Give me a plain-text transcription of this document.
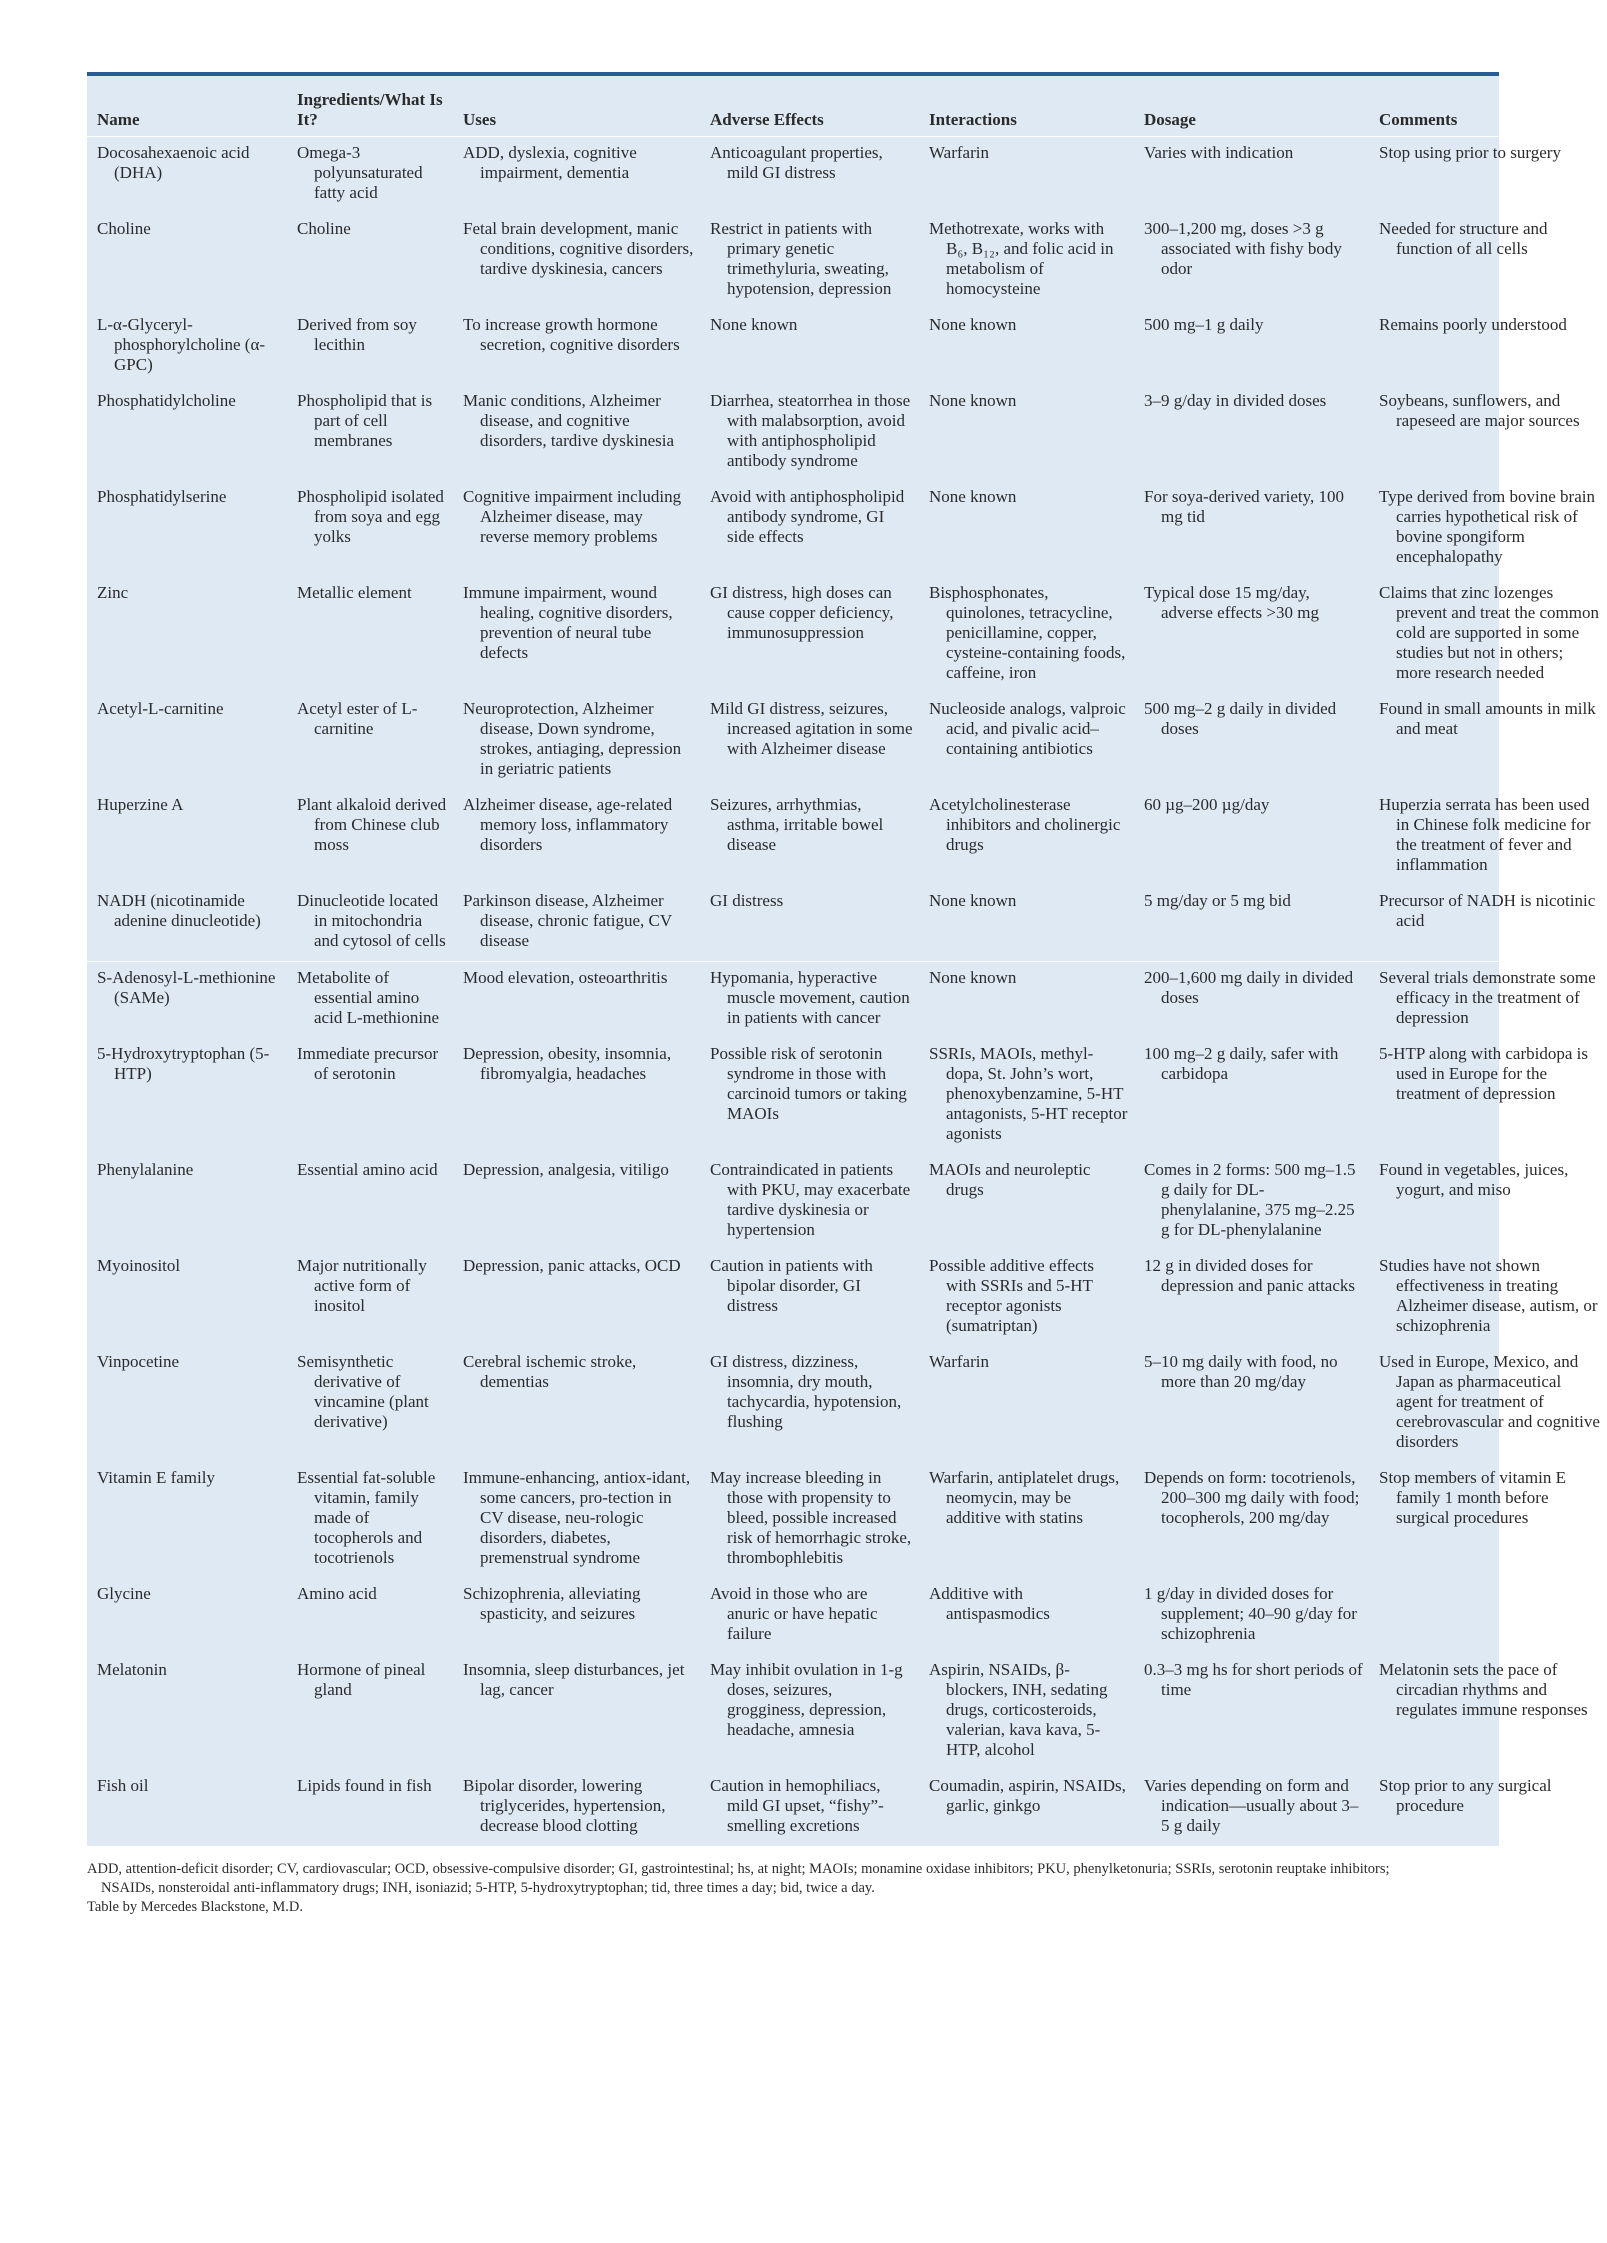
Name	Ingredients/What Is It?	Uses	Adverse Effects	Interactions	Dosage	Comments

Docosahexaenoic acid (DHA)	Omega-3 polyunsaturated fatty acid	ADD, dyslexia, cognitive impairment, dementia	Anticoagulant properties, mild GI distress	Warfarin	Varies with indication	Stop using prior to surgery

Choline	Choline	Fetal brain development, manic conditions, cognitive disorders, tardive dyskinesia, cancers	Restrict in patients with primary genetic trimethyluria, sweating, hypotension, depression	Methotrexate, works with B₆, B₁₂, and folic acid in metabolism of homocysteine	300–1,200 mg, doses >3 g associated with fishy body odor	Needed for structure and function of all cells

L-α-Glyceryl-phosphorylcholine (α-GPC)	Derived from soy lecithin	To increase growth hormone secretion, cognitive disorders	None known	None known	500 mg–1 g daily	Remains poorly understood

Phosphatidylcholine	Phospholipid that is part of cell membranes	Manic conditions, Alzheimer disease, and cognitive disorders, tardive dyskinesia	Diarrhea, steatorrhea in those with malabsorption, avoid with antiphospholipid antibody syndrome	None known	3–9 g/day in divided doses	Soybeans, sunflowers, and rapeseed are major sources

Phosphatidylserine	Phospholipid isolated from soya and egg yolks	Cognitive impairment including Alzheimer disease, may reverse memory problems	Avoid with antiphospholipid antibody syndrome, GI side effects	None known	For soya-derived variety, 100 mg tid	Type derived from bovine brain carries hypothetical risk of bovine spongiform encephalopathy

Zinc	Metallic element	Immune impairment, wound healing, cognitive disorders, prevention of neural tube defects	GI distress, high doses can cause copper deficiency, immunosuppression	Bisphosphonates, quinolones, tetracycline, penicillamine, copper, cysteine-containing foods, caffeine, iron	Typical dose 15 mg/day, adverse effects >30 mg	Claims that zinc lozenges prevent and treat the common cold are supported in some studies but not in others; more research needed

Acetyl-L-carnitine	Acetyl ester of L-carnitine	Neuroprotection, Alzheimer disease, Down syndrome, strokes, antiaging, depression in geriatric patients	Mild GI distress, seizures, increased agitation in some with Alzheimer disease	Nucleoside analogs, valproic acid, and pivalic acid–containing antibiotics	500 mg–2 g daily in divided doses	Found in small amounts in milk and meat

Huperzine A	Plant alkaloid derived from Chinese club moss	Alzheimer disease, age-related memory loss, inflammatory disorders	Seizures, arrhythmias, asthma, irritable bowel disease	Acetylcholinesterase inhibitors and cholinergic drugs	60 µg–200 µg/day	Huperzia serrata has been used in Chinese folk medicine for the treatment of fever and inflammation

NADH (nicotinamide adenine dinucleotide)	Dinucleotide located in mitochondria and cytosol of cells	Parkinson disease, Alzheimer disease, chronic fatigue, CV disease	GI distress	None known	5 mg/day or 5 mg bid	Precursor of NADH is nicotinic acid

S-Adenosyl-L-methionine (SAMe)	Metabolite of essential amino acid L-methionine	Mood elevation, osteoarthritis	Hypomania, hyperactive muscle movement, caution in patients with cancer	None known	200–1,600 mg daily in divided doses	Several trials demonstrate some efficacy in the treatment of depression

5-Hydroxytryptophan (5-HTP)	Immediate precursor of serotonin	Depression, obesity, insomnia, fibromyalgia, headaches	Possible risk of serotonin syndrome in those with carcinoid tumors or taking MAOIs	SSRIs, MAOIs, methyl-dopa, St. John’s wort, phenoxybenzamine, 5-HT antagonists, 5-HT receptor agonists	100 mg–2 g daily, safer with carbidopa	5-HTP along with carbidopa is used in Europe for the treatment of depression

Phenylalanine	Essential amino acid	Depression, analgesia, vitiligo	Contraindicated in patients with PKU, may exacerbate tardive dyskinesia or hypertension	MAOIs and neuroleptic drugs	Comes in 2 forms: 500 mg–1.5 g daily for DL-phenylalanine, 375 mg–2.25 g for DL-phenylalanine	Found in vegetables, juices, yogurt, and miso

Myoinositol	Major nutritionally active form of inositol	Depression, panic attacks, OCD	Caution in patients with bipolar disorder, GI distress	Possible additive effects with SSRIs and 5-HT receptor agonists (sumatriptan)	12 g in divided doses for depression and panic attacks	Studies have not shown effectiveness in treating Alzheimer disease, autism, or schizophrenia

Vinpocetine	Semisynthetic derivative of vincamine (plant derivative)	Cerebral ischemic stroke, dementias	GI distress, dizziness, insomnia, dry mouth, tachycardia, hypotension, flushing	Warfarin	5–10 mg daily with food, no more than 20 mg/day	Used in Europe, Mexico, and Japan as pharmaceutical agent for treatment of cerebrovascular and cognitive disorders

Vitamin E family	Essential fat-soluble vitamin, family made of tocopherols and tocotrienols	Immune-enhancing, antiox-idant, some cancers, pro-tection in CV disease, neu-rologic disorders, diabetes, premenstrual syndrome	May increase bleeding in those with propensity to bleed, possible increased risk of hemorrhagic stroke, thrombophlebitis	Warfarin, antiplatelet drugs, neomycin, may be additive with statins	Depends on form: tocotrienols, 200–300 mg daily with food; tocopherols, 200 mg/day	Stop members of vitamin E family 1 month before surgical procedures

Glycine	Amino acid	Schizophrenia, alleviating spasticity, and seizures	Avoid in those who are anuric or have hepatic failure	Additive with antispasmodics	1 g/day in divided doses for supplement; 40–90 g/day for schizophrenia	

Melatonin	Hormone of pineal gland	Insomnia, sleep disturbances, jet lag, cancer	May inhibit ovulation in 1-g doses, seizures, grogginess, depression, headache, amnesia	Aspirin, NSAIDs, β-blockers, INH, sedating drugs, corticosteroids, valerian, kava kava, 5-HTP, alcohol	0.3–3 mg hs for short periods of time	Melatonin sets the pace of circadian rhythms and regulates immune responses

Fish oil	Lipids found in fish	Bipolar disorder, lowering triglycerides, hypertension, decrease blood clotting	Caution in hemophiliacs, mild GI upset, “fishy”-smelling excretions	Coumadin, aspirin, NSAIDs, garlic, ginkgo	Varies depending on form and indication—usually about 3–5 g daily	Stop prior to any surgical procedure
ADD, attention-deficit disorder; CV, cardiovascular; OCD, obsessive-compulsive disorder; GI, gastrointestinal; hs, at night; MAOIs; monamine oxidase inhibitors; PKU, phenylketonuria; SSRIs, serotonin reuptake inhibitors;
NSAIDs, nonsteroidal anti-inflammatory drugs; INH, isoniazid; 5-HTP, 5-hydroxytryptophan; tid, three times a day; bid, twice a day.
Table by Mercedes Blackstone, M.D.
